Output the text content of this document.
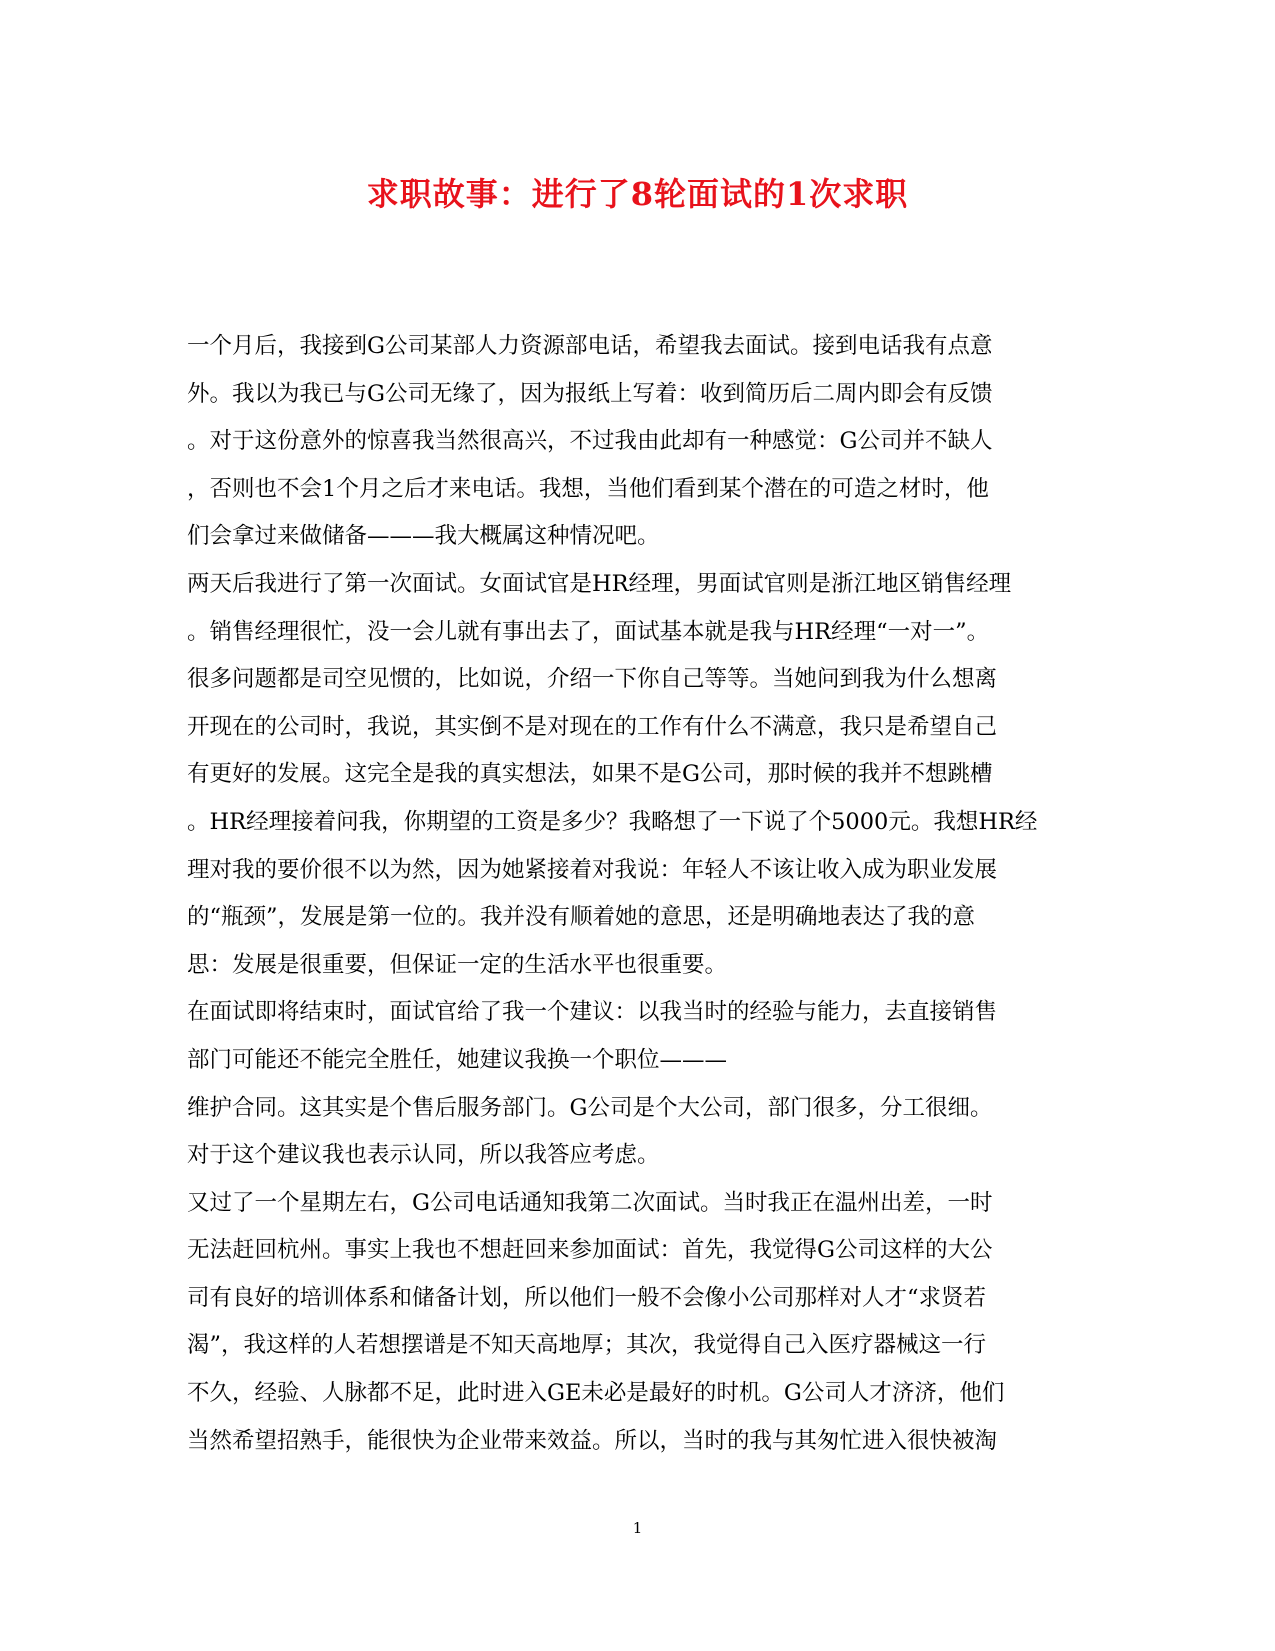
求职故事：进行了8轮面试的1次求职
一个月后，我接到G公司某部人力资源部电话，希望我去面试。接到电话我有点意
外。我以为我已与G公司无缘了，因为报纸上写着：收到简历后二周内即会有反馈
。对于这份意外的惊喜我当然很高兴，不过我由此却有一种感觉：G公司并不缺人
，否则也不会1个月之后才来电话。我想，当他们看到某个潜在的可造之材时，他
们会拿过来做储备———我大概属这种情况吧。
两天后我进行了第一次面试。女面试官是HR经理，男面试官则是浙江地区销售经理
。销售经理很忙，没一会儿就有事出去了，面试基本就是我与HR经理“一对一”。
很多问题都是司空见惯的，比如说，介绍一下你自己等等。当她问到我为什么想离
开现在的公司时，我说，其实倒不是对现在的工作有什么不满意，我只是希望自己
有更好的发展。这完全是我的真实想法，如果不是G公司，那时候的我并不想跳槽
。HR经理接着问我，你期望的工资是多少？我略想了一下说了个5000元。我想HR经
理对我的要价很不以为然，因为她紧接着对我说：年轻人不该让收入成为职业发展
的“瓶颈”，发展是第一位的。我并没有顺着她的意思，还是明确地表达了我的意
思：发展是很重要，但保证一定的生活水平也很重要。
在面试即将结束时，面试官给了我一个建议：以我当时的经验与能力，去直接销售
部门可能还不能完全胜任，她建议我换一个职位———
维护合同。这其实是个售后服务部门。G公司是个大公司，部门很多，分工很细。
对于这个建议我也表示认同，所以我答应考虑。
又过了一个星期左右，G公司电话通知我第二次面试。当时我正在温州出差，一时
无法赶回杭州。事实上我也不想赶回来参加面试：首先，我觉得G公司这样的大公
司有良好的培训体系和储备计划，所以他们一般不会像小公司那样对人才“求贤若
渴”，我这样的人若想摆谱是不知天高地厚；其次，我觉得自己入医疗器械这一行
不久，经验、人脉都不足，此时进入GE未必是最好的时机。G公司人才济济，他们
当然希望招熟手，能很快为企业带来效益。所以，当时的我与其匆忙进入很快被淘
1
